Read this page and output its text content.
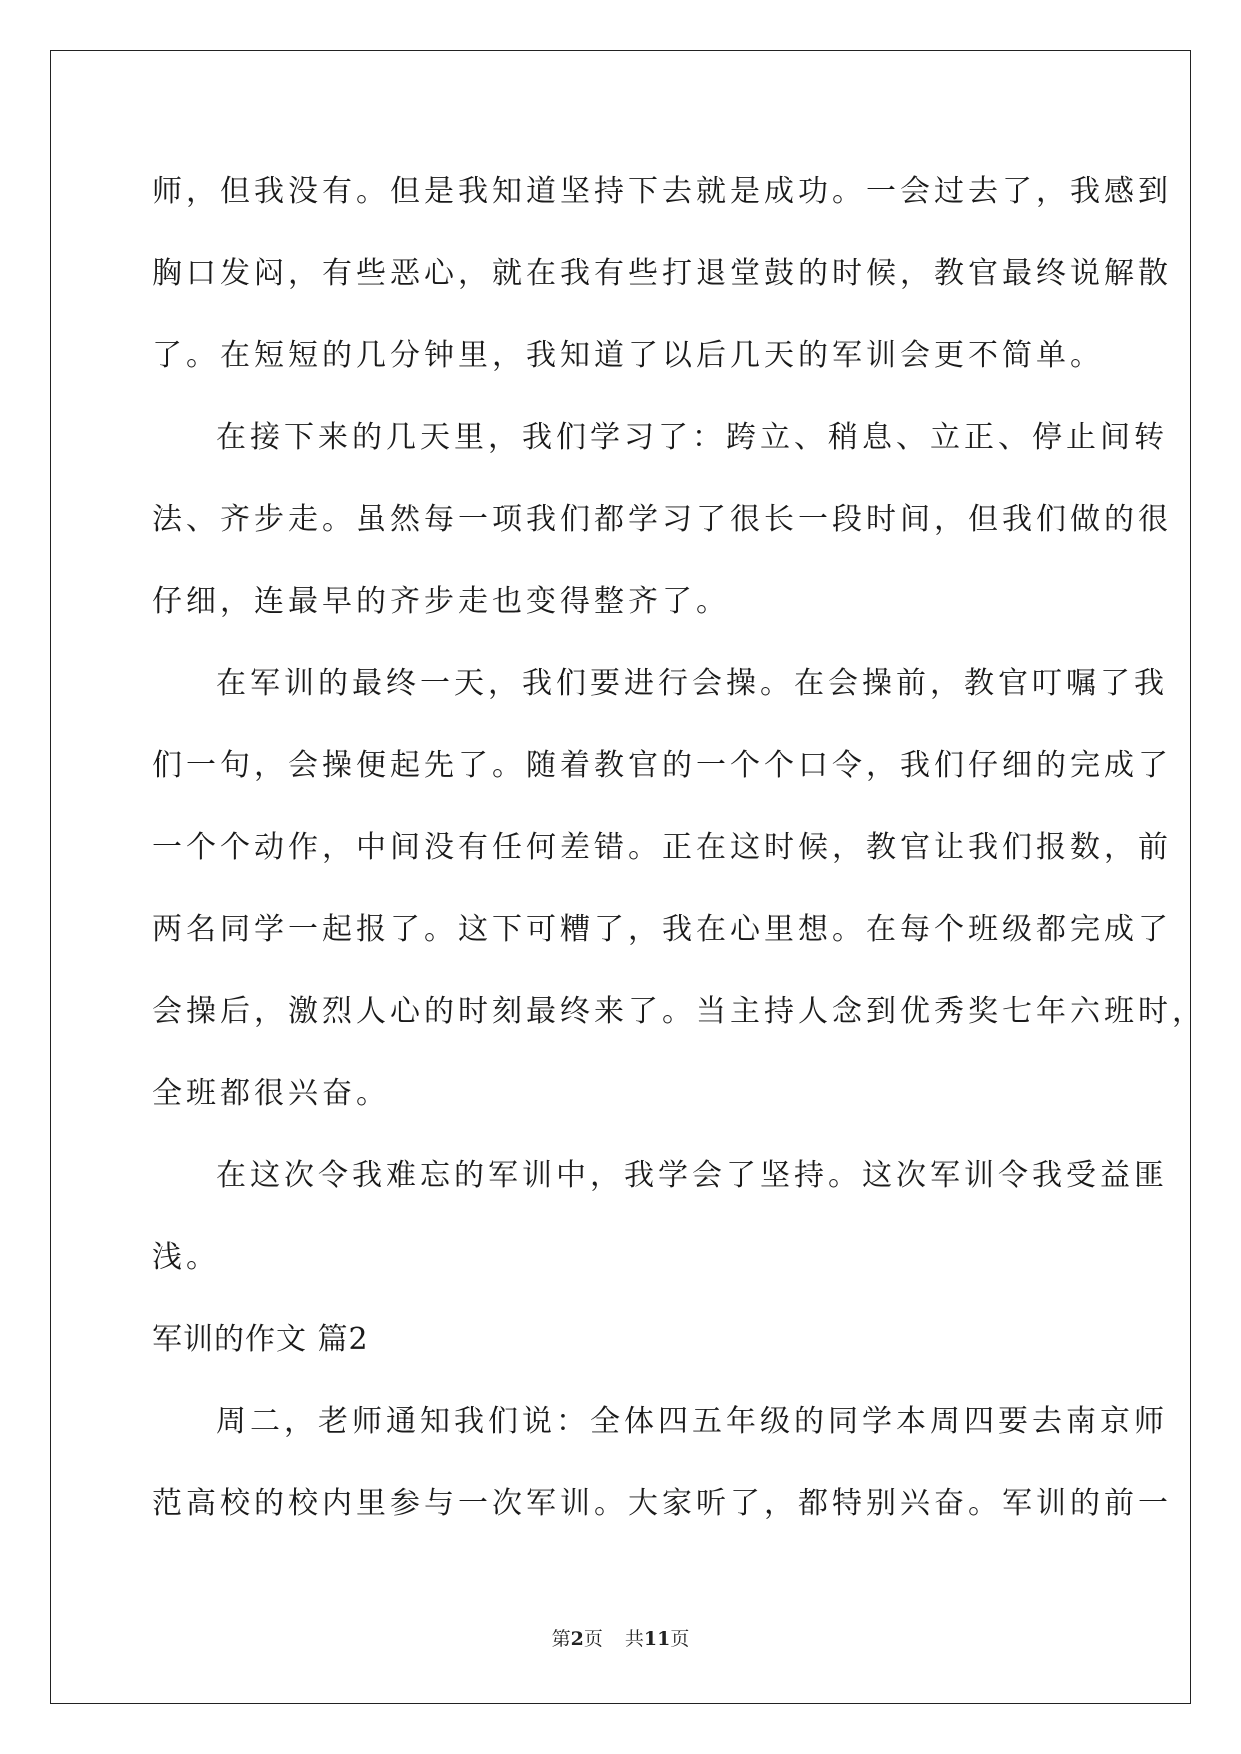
师，但我没有。但是我知道坚持下去就是成功。一会过去了，我感到
胸口发闷，有些恶心，就在我有些打退堂鼓的时候，教官最终说解散
了。在短短的几分钟里，我知道了以后几天的军训会更不简单。
在接下来的几天里，我们学习了：跨立、稍息、立正、停止间转
法、齐步走。虽然每一项我们都学习了很长一段时间，但我们做的很
仔细，连最早的齐步走也变得整齐了。
在军训的最终一天，我们要进行会操。在会操前，教官叮嘱了我
们一句，会操便起先了。随着教官的一个个口令，我们仔细的完成了
一个个动作，中间没有任何差错。正在这时候，教官让我们报数，前
两名同学一起报了。这下可糟了，我在心里想。在每个班级都完成了
会操后，激烈人心的时刻最终来了。当主持人念到优秀奖七年六班时，
全班都很兴奋。
在这次令我难忘的军训中，我学会了坚持。这次军训令我受益匪
浅。
军训的作文 篇2
周二，老师通知我们说：全体四五年级的同学本周四要去南京师
范高校的校内里参与一次军训。大家听了，都特别兴奋。军训的前一
第2页 共11页
